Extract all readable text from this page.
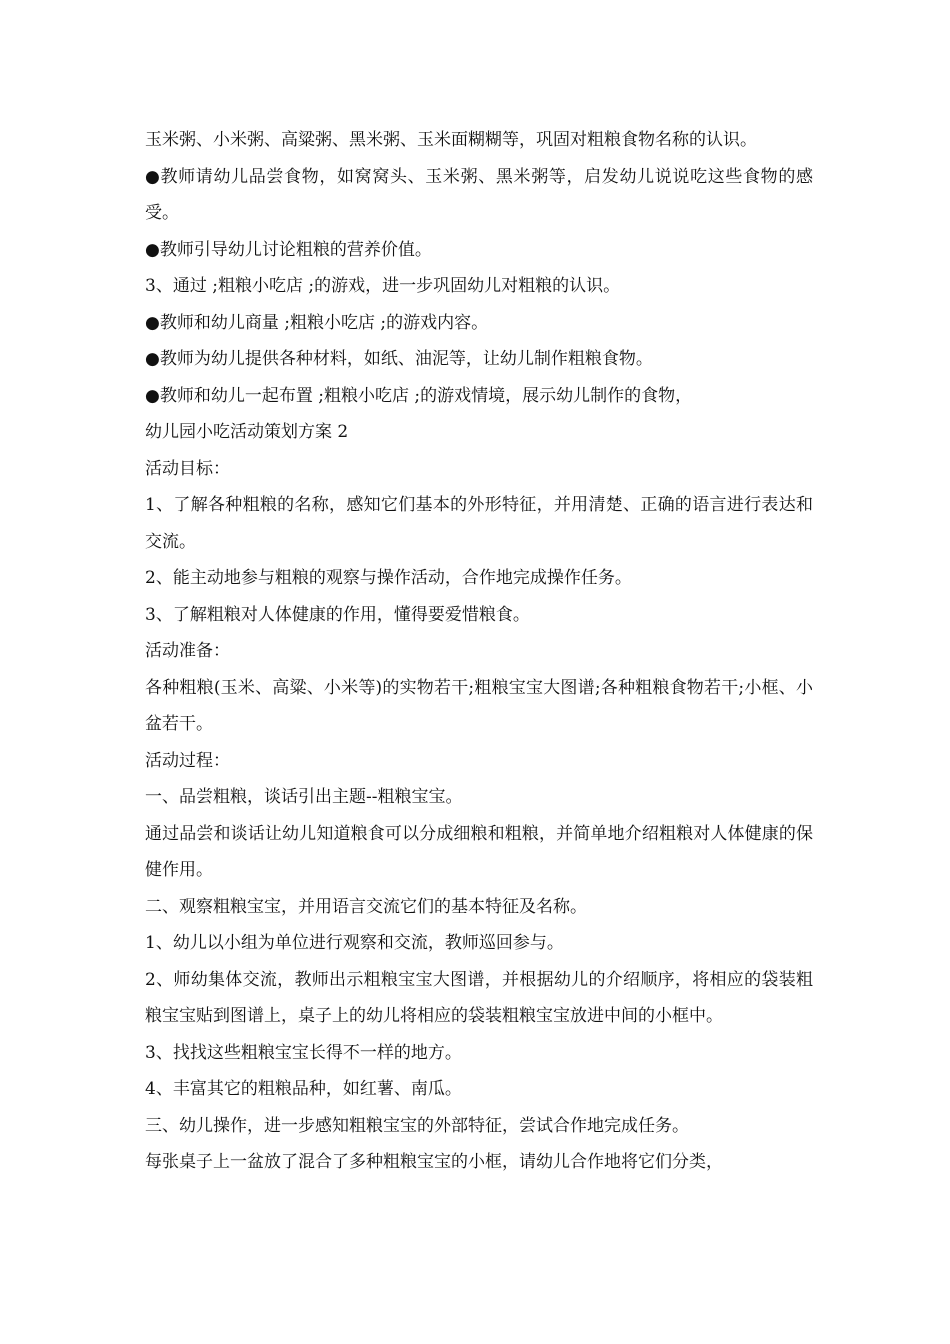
玉米粥、小米粥、高粱粥、黑米粥、玉米面糊糊等，巩固对粗粮食物名称的认识。

●教师请幼儿品尝食物，如窝窝头、玉米粥、黑米粥等，启发幼儿说说吃这些食物的感受。

●教师引导幼儿讨论粗粮的营养价值。

3、通过 ;粗粮小吃店 ;的游戏，进一步巩固幼儿对粗粮的认识。

●教师和幼儿商量 ;粗粮小吃店 ;的游戏内容。

●教师为幼儿提供各种材料，如纸、油泥等，让幼儿制作粗粮食物。

●教师和幼儿一起布置 ;粗粮小吃店 ;的游戏情境，展示幼儿制作的食物，

幼儿园小吃活动策划方案 2

活动目标：

1、了解各种粗粮的名称，感知它们基本的外形特征，并用清楚、正确的语言进行表达和交流。

2、能主动地参与粗粮的观察与操作活动，合作地完成操作任务。

3、了解粗粮对人体健康的作用，懂得要爱惜粮食。

活动准备：

各种粗粮(玉米、高粱、小米等)的实物若干;粗粮宝宝大图谱;各种粗粮食物若干;小框、小盆若干。

活动过程：

一、品尝粗粮，谈话引出主题--粗粮宝宝。

通过品尝和谈话让幼儿知道粮食可以分成细粮和粗粮，并简单地介绍粗粮对人体健康的保健作用。

二、观察粗粮宝宝，并用语言交流它们的基本特征及名称。

1、幼儿以小组为单位进行观察和交流，教师巡回参与。

2、师幼集体交流，教师出示粗粮宝宝大图谱，并根据幼儿的介绍顺序，将相应的袋装粗粮宝宝贴到图谱上，桌子上的幼儿将相应的袋装粗粮宝宝放进中间的小框中。

3、找找这些粗粮宝宝长得不一样的地方。

4、丰富其它的粗粮品种，如红薯、南瓜。

三、幼儿操作，进一步感知粗粮宝宝的外部特征，尝试合作地完成任务。

每张桌子上一盆放了混合了多种粗粮宝宝的小框，请幼儿合作地将它们分类，
